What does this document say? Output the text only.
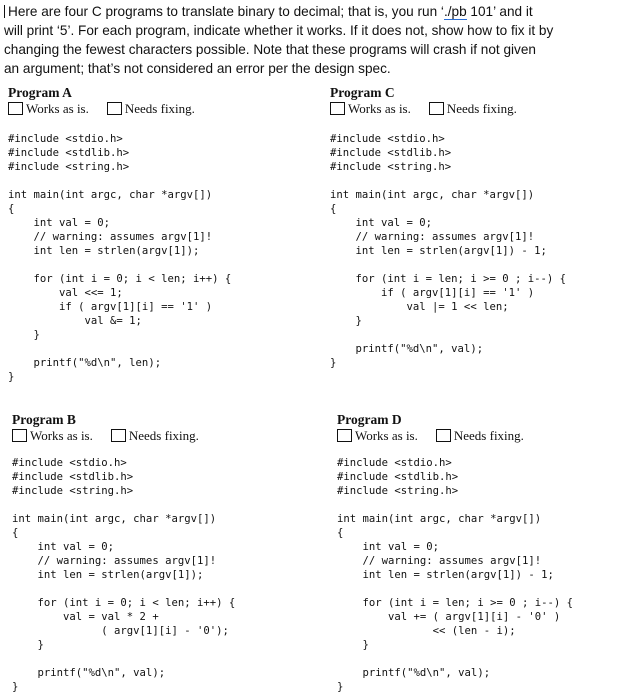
Here are four C programs to translate binary to decimal; that is, you run ‘./pb 101’ and it

will print ‘5’. For each program, indicate whether it works. If it does not, show how to fix it by

changing the fewest characters possible. Note that these programs will crash if not given

an argument; that’s not considered an error per the design spec.

Program A
Works as is.	Needs fixing.
#include <stdio.h>
#include <stdlib.h>
#include <string.h>
int main(int argc, char *argv[])
{
int val = 0;
// warning: assumes argv[1]!
int len = strlen(argv[1]);
for (int i = 0; i < len; i++) {
val <<= 1;
if ( argv[1][i] == '1' )
val &= 1;
}
printf("%d\n", len);
}
Program C
Works as is.	Needs fixing.
#include <stdio.h>
#include <stdlib.h>
#include <string.h>
int main(int argc, char *argv[])
{
int val = 0;
// warning: assumes argv[1]!
int len = strlen(argv[1]) - 1;
for (int i = len; i >= 0 ; i--) {
if ( argv[1][i] == '1' )
val |= 1 << len;
}
printf("%d\n", val);
}
Program B
Works as is.	Needs fixing.
#include <stdio.h>
#include <stdlib.h>
#include <string.h>
int main(int argc, char *argv[])
{
int val = 0;
// warning: assumes argv[1]!
int len = strlen(argv[1]);
for (int i = 0; i < len; i++) {
val = val * 2 +
( argv[1][i] - '0');
}
printf("%d\n", val);
}
Program D
Works as is.	Needs fixing.
#include <stdio.h>
#include <stdlib.h>
#include <string.h>
int main(int argc, char *argv[])
{
int val = 0;
// warning: assumes argv[1]!
int len = strlen(argv[1]) - 1;
for (int i = len; i >= 0 ; i--) {
val += ( argv[1][i] - '0' )
<< (len - i);
}
printf("%d\n", val);
}
